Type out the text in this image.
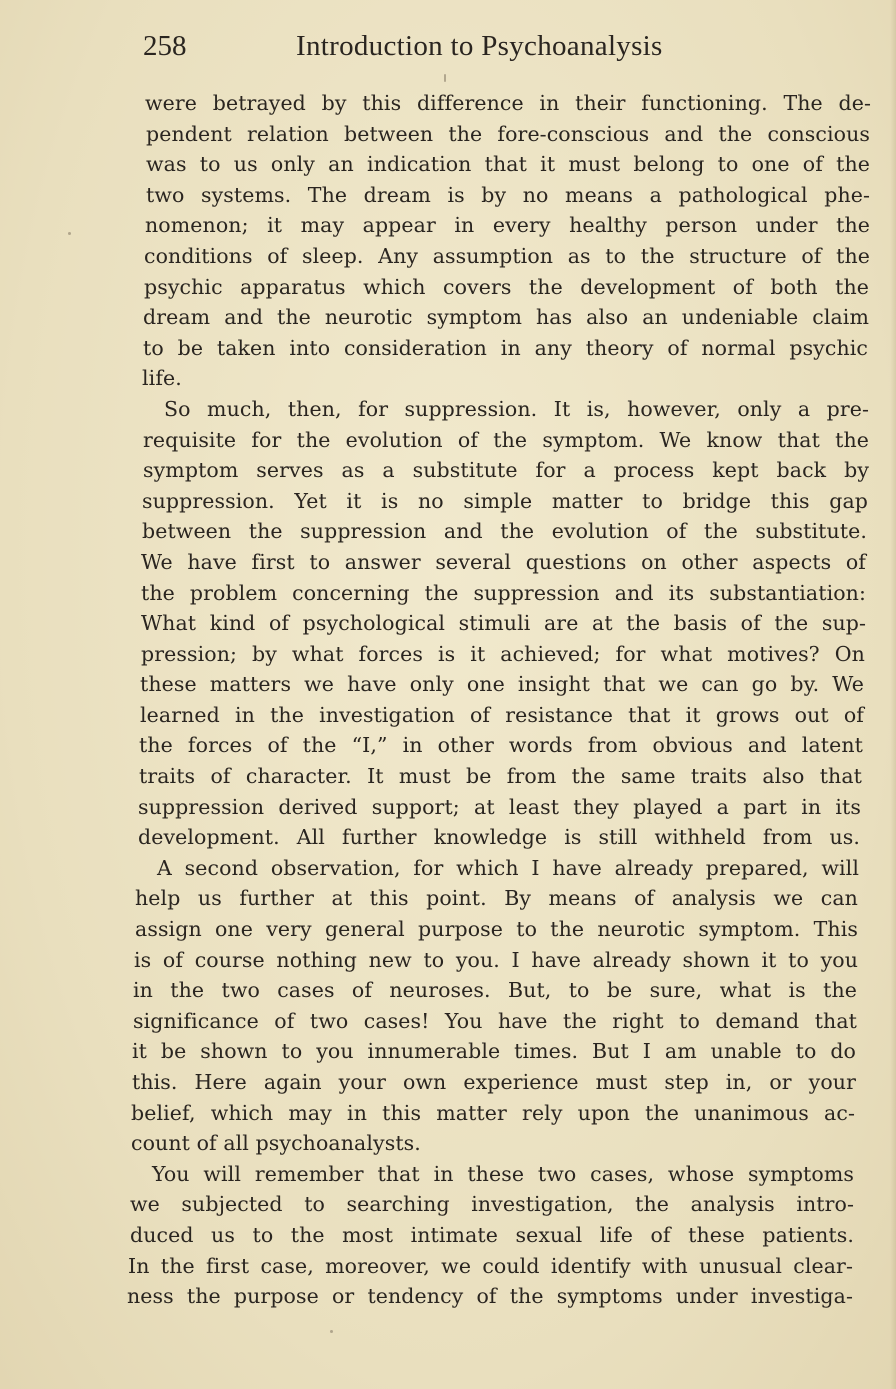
258	Introduction to Psychoanalysis
were betrayed by this difference in their functioning. The de-
pendent relation between the fore-conscious and the conscious
was to us only an indication that it must belong to one of the
two systems. The dream is by no means a pathological phe-
nomenon; it may appear in every healthy person under the
conditions of sleep. Any assumption as to the structure of the
psychic apparatus which covers the development of both the
dream and the neurotic symptom has also an undeniable claim
to be taken into consideration in any theory of normal psychic
life.
So much, then, for suppression. It is, however, only a pre-
requisite for the evolution of the symptom. We know that the
symptom serves as a substitute for a process kept back by
suppression. Yet it is no simple matter to bridge this gap
between the suppression and the evolution of the substitute.
We have first to answer several questions on other aspects of
the problem concerning the suppression and its substantiation:
What kind of psychological stimuli are at the basis of the sup-
pression; by what forces is it achieved; for what motives? On
these matters we have only one insight that we can go by. We
learned in the investigation of resistance that it grows out of
the forces of the “I,” in other words from obvious and latent
traits of character. It must be from the same traits also that
suppression derived support; at least they played a part in its
development. All further knowledge is still withheld from us.
A second observation, for which I have already prepared, will
help us further at this point. By means of analysis we can
assign one very general purpose to the neurotic symptom. This
is of course nothing new to you. I have already shown it to you
in the two cases of neuroses. But, to be sure, what is the
significance of two cases! You have the right to demand that
it be shown to you innumerable times. But I am unable to do
this. Here again your own experience must step in, or your
belief, which may in this matter rely upon the unanimous ac-
count of all psychoanalysts.
You will remember that in these two cases, whose symptoms
we subjected to searching investigation, the analysis intro-
duced us to the most intimate sexual life of these patients.
In the first case, moreover, we could identify with unusual clear-
ness the purpose or tendency of the symptoms under investiga-
